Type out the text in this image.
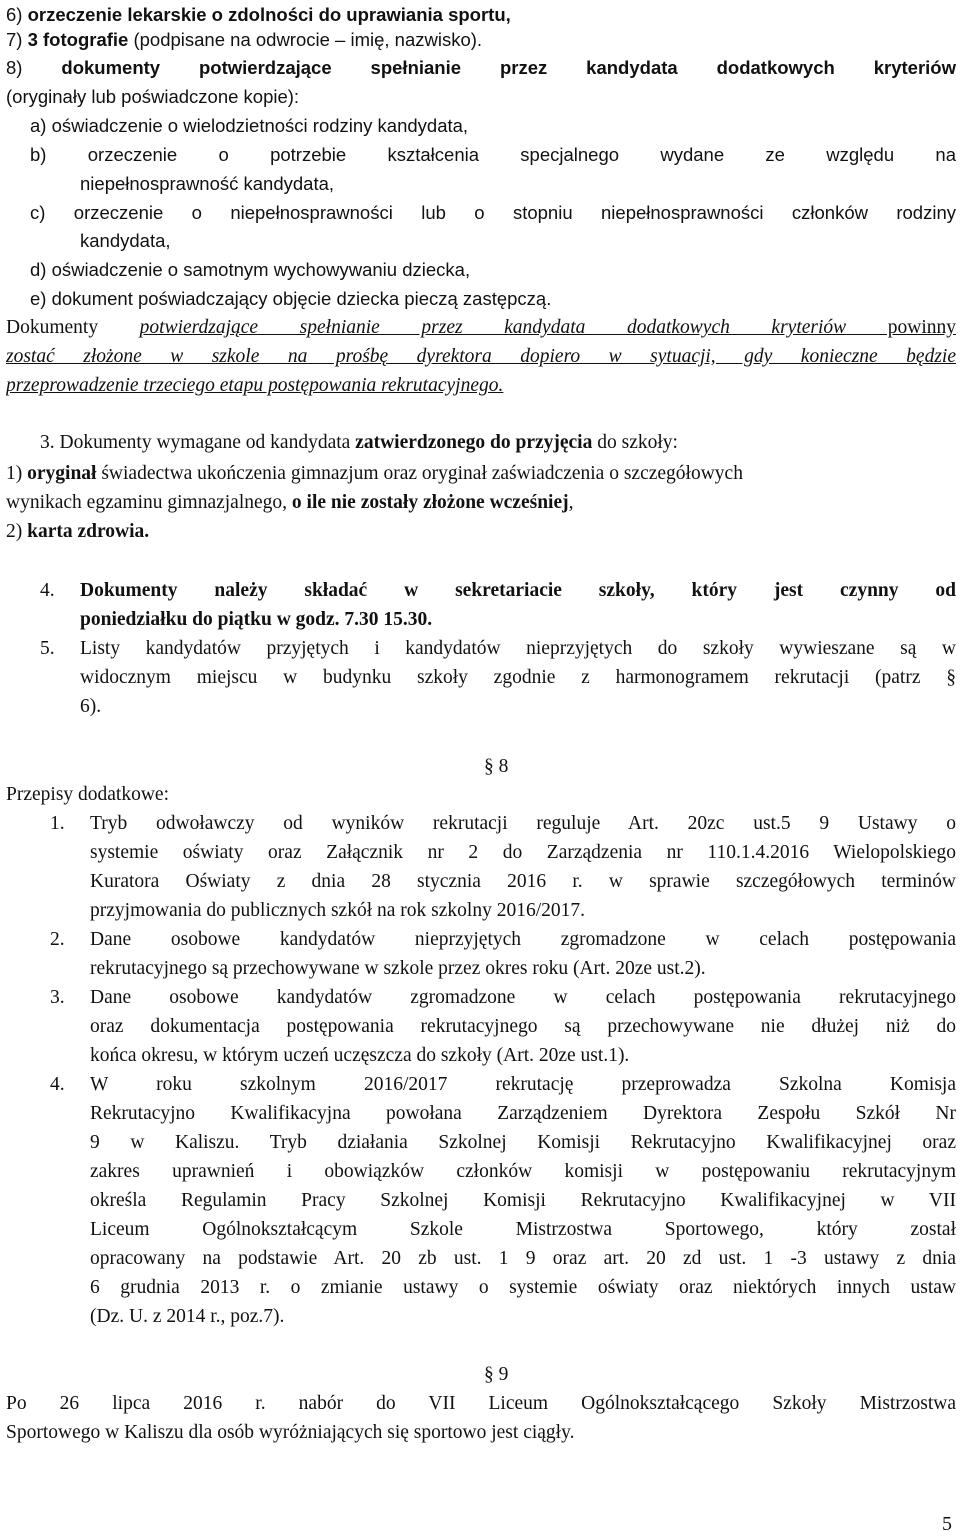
6) orzeczenie lekarskie o zdolności do uprawiania sportu,
7) 3 fotografie (podpisane na odwrocie – imię, nazwisko).
8) dokumenty potwierdzające spełnianie przez kandydata dodatkowych kryteriów
(oryginały lub poświadczone kopie):
a) oświadczenie o wielodzietności rodziny kandydata,
b) orzeczenie o potrzebie kształcenia specjalnego wydane ze względu na
niepełnosprawność kandydata,
c) orzeczenie o niepełnosprawności lub o stopniu niepełnosprawności członków rodziny
kandydata,
d) oświadczenie o samotnym wychowywaniu dziecka,
e) dokument poświadczający objęcie dziecka pieczą zastępczą.
Dokumenty potwierdzające spełnianie przez kandydata dodatkowych kryteriów powinny
zostać złożone w szkole na prośbę dyrektora dopiero w sytuacji, gdy konieczne będzie
przeprowadzenie trzeciego etapu postępowania rekrutacyjnego.
3. Dokumenty wymagane od kandydata zatwierdzonego do przyjęcia do szkoły:
1) oryginał świadectwa ukończenia gimnazjum oraz oryginał zaświadczenia o szczegółowych
wynikach egzaminu gimnazjalnego, o ile nie zostały złożone wcześniej,
2) karta zdrowia.
4.	Dokumenty należy składać w sekretariacie szkoły, który jest czynny od
poniedziałku do piątku w godz. 7.30 15.30.
5.	Listy kandydatów przyjętych i kandydatów nieprzyjętych do szkoły wywieszane są w
widocznym miejscu w budynku szkoły zgodnie z harmonogramem rekrutacji (patrz §
6).
§ 8
Przepisy dodatkowe:
1.	Tryb odwoławczy od wyników rekrutacji reguluje Art. 20zc ust.5 9 Ustawy o
systemie oświaty oraz Załącznik nr 2 do Zarządzenia nr 110.1.4.2016 Wielopolskiego
Kuratora Oświaty z dnia 28 stycznia 2016 r. w sprawie szczegółowych terminów
przyjmowania do publicznych szkół na rok szkolny 2016/2017.
2.	Dane osobowe kandydatów nieprzyjętych zgromadzone w celach postępowania
rekrutacyjnego są przechowywane w szkole przez okres roku (Art. 20ze ust.2).
3.	Dane osobowe kandydatów zgromadzone w celach postępowania rekrutacyjnego
oraz dokumentacja postępowania rekrutacyjnego są przechowywane nie dłużej niż do
końca okresu, w którym uczeń uczęszcza do szkoły (Art. 20ze ust.1).
4.	W roku szkolnym 2016/2017 rekrutację przeprowadza Szkolna Komisja
Rekrutacyjno Kwalifikacyjna powołana Zarządzeniem Dyrektora Zespołu Szkół Nr
9 w Kaliszu. Tryb działania Szkolnej Komisji Rekrutacyjno Kwalifikacyjnej oraz
zakres uprawnień i obowiązków członków komisji w postępowaniu rekrutacyjnym
określa Regulamin Pracy Szkolnej Komisji Rekrutacyjno Kwalifikacyjnej w VII
Liceum Ogólnokształcącym Szkole Mistrzostwa Sportowego, który został
opracowany na podstawie Art. 20 zb ust. 1 9 oraz art. 20 zd ust. 1 -3 ustawy z dnia
6 grudnia 2013 r. o zmianie ustawy o systemie oświaty oraz niektórych innych ustaw
(Dz. U. z 2014 r., poz.7).
§ 9
Po 26 lipca 2016 r. nabór do VII Liceum Ogólnokształcącego Szkoły Mistrzostwa
Sportowego w Kaliszu dla osób wyróżniających się sportowo jest ciągły.
5
